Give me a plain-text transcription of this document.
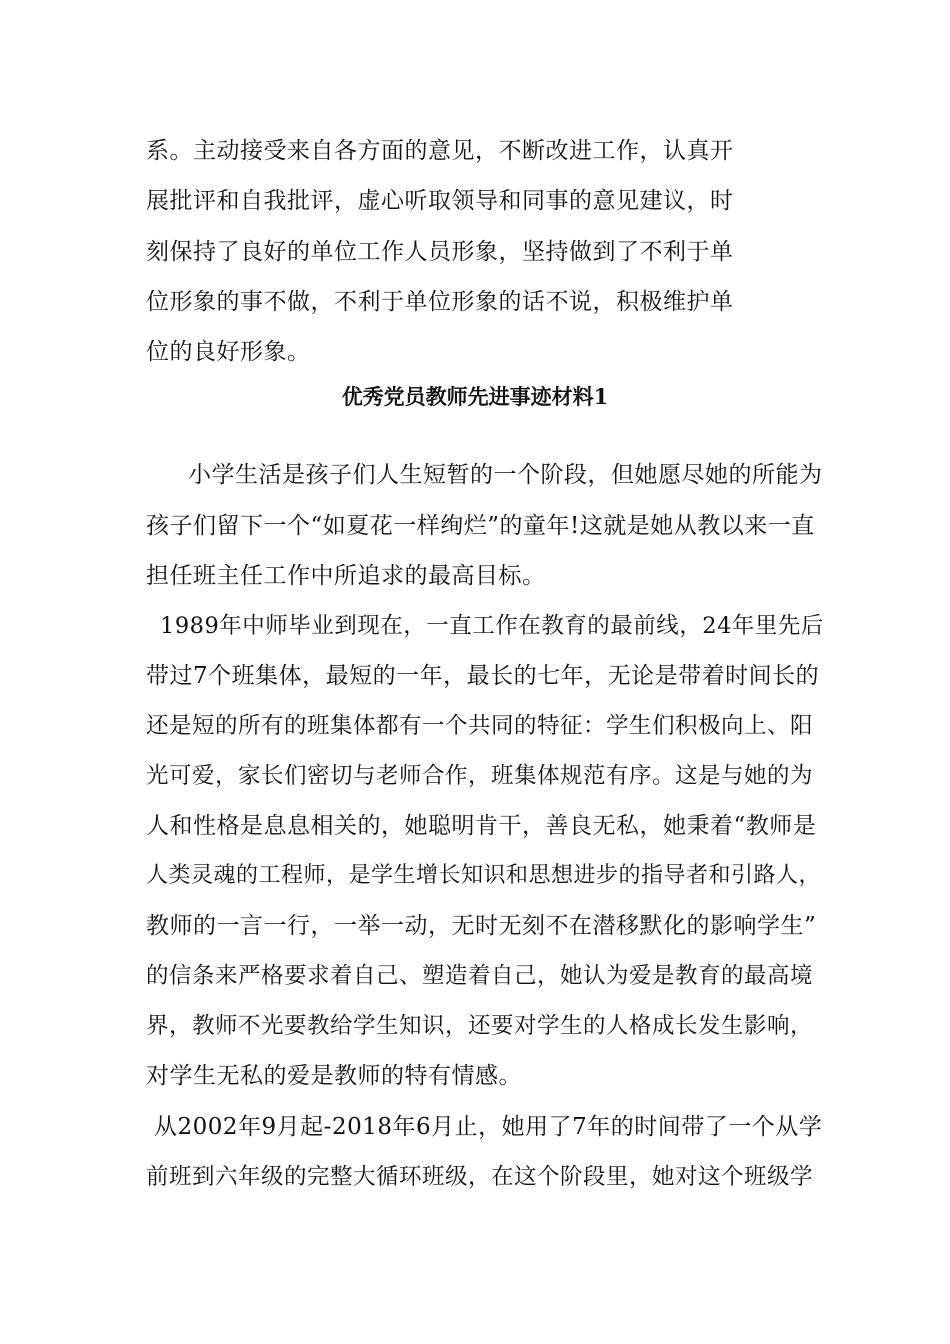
系。主动接受来自各方面的意见，不断改进工作，认真开
展批评和自我批评，虚心听取领导和同事的意见建议，时
刻保持了良好的单位工作人员形象，坚持做到了不利于单
位形象的事不做，不利于单位形象的话不说，积极维护单
位的良好形象。
优秀党员教师先进事迹材料1
小学生活是孩子们人生短暂的一个阶段，但她愿尽她的所能为
孩子们留下一个“如夏花一样绚烂”的童年!这就是她从教以来一直
担任班主任工作中所追求的最高目标。
1989年中师毕业到现在，一直工作在教育的最前线，24年里先后
带过7个班集体，最短的一年，最长的七年，无论是带着时间长的
还是短的所有的班集体都有一个共同的特征：学生们积极向上、阳
光可爱，家长们密切与老师合作，班集体规范有序。这是与她的为
人和性格是息息相关的，她聪明肯干，善良无私，她秉着“教师是
人类灵魂的工程师，是学生增长知识和思想进步的指导者和引路人，
教师的一言一行，一举一动，无时无刻不在潜移默化的影响学生”
的信条来严格要求着自己、塑造着自己，她认为爱是教育的最高境
界，教师不光要教给学生知识，还要对学生的人格成长发生影响，
对学生无私的爱是教师的特有情感。
从2002年9月起-2018年6月止，她用了7年的时间带了一个从学
前班到六年级的完整大循环班级，在这个阶段里，她对这个班级学
